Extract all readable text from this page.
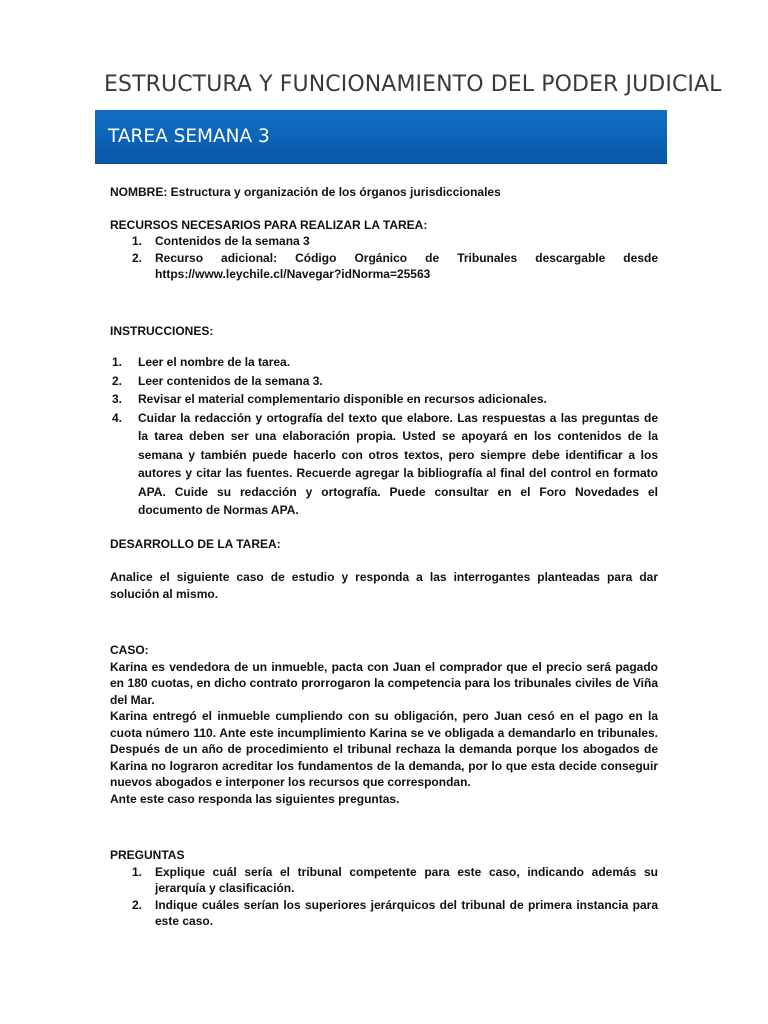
ESTRUCTURA Y FUNCIONAMIENTO DEL PODER JUDICIAL
TAREA SEMANA 3

NOMBRE: Estructura y organización de los órganos jurisdiccionales

RECURSOS NECESARIOS PARA REALIZAR LA TAREA:

1. Contenidos de la semana 3
2. Recurso adicional: Código Orgánico de Tribunales descargable desde https://www.leychile.cl/Navegar?idNorma=25563

INSTRUCCIONES:

1. Leer el nombre de la tarea.
2. Leer contenidos de la semana 3.
3. Revisar el material complementario disponible en recursos adicionales.
4. Cuidar la redacción y ortografía del texto que elabore. Las respuestas a las preguntas de la tarea deben ser una elaboración propia. Usted se apoyará en los contenidos de la semana y también puede hacerlo con otros textos, pero siempre debe identificar a los autores y citar las fuentes. Recuerde agregar la bibliografía al final del control en formato APA. Cuide su redacción y ortografía. Puede consultar en el Foro Novedades el documento de Normas APA.

DESARROLLO DE LA TAREA:

Analice el siguiente caso de estudio y responda a las interrogantes planteadas para dar solución al mismo.

CASO:

Karina es vendedora de un inmueble, pacta con Juan el comprador que el precio será pagado en 180 cuotas, en dicho contrato prorrogaron la competencia para los tribunales civiles de Viña del Mar.

Karina entregó el inmueble cumpliendo con su obligación, pero Juan cesó en el pago en la cuota número 110. Ante este incumplimiento Karina se ve obligada a demandarlo en tribunales. Después de un año de procedimiento el tribunal rechaza la demanda porque los abogados de Karina no lograron acreditar los fundamentos de la demanda, por lo que esta decide conseguir nuevos abogados e interponer los recursos que correspondan.

Ante este caso responda las siguientes preguntas.

PREGUNTAS

1. Explique cuál sería el tribunal competente para este caso, indicando además su jerarquía y clasificación.
2. Indique cuáles serían los superiores jerárquicos del tribunal de primera instancia para este caso.
